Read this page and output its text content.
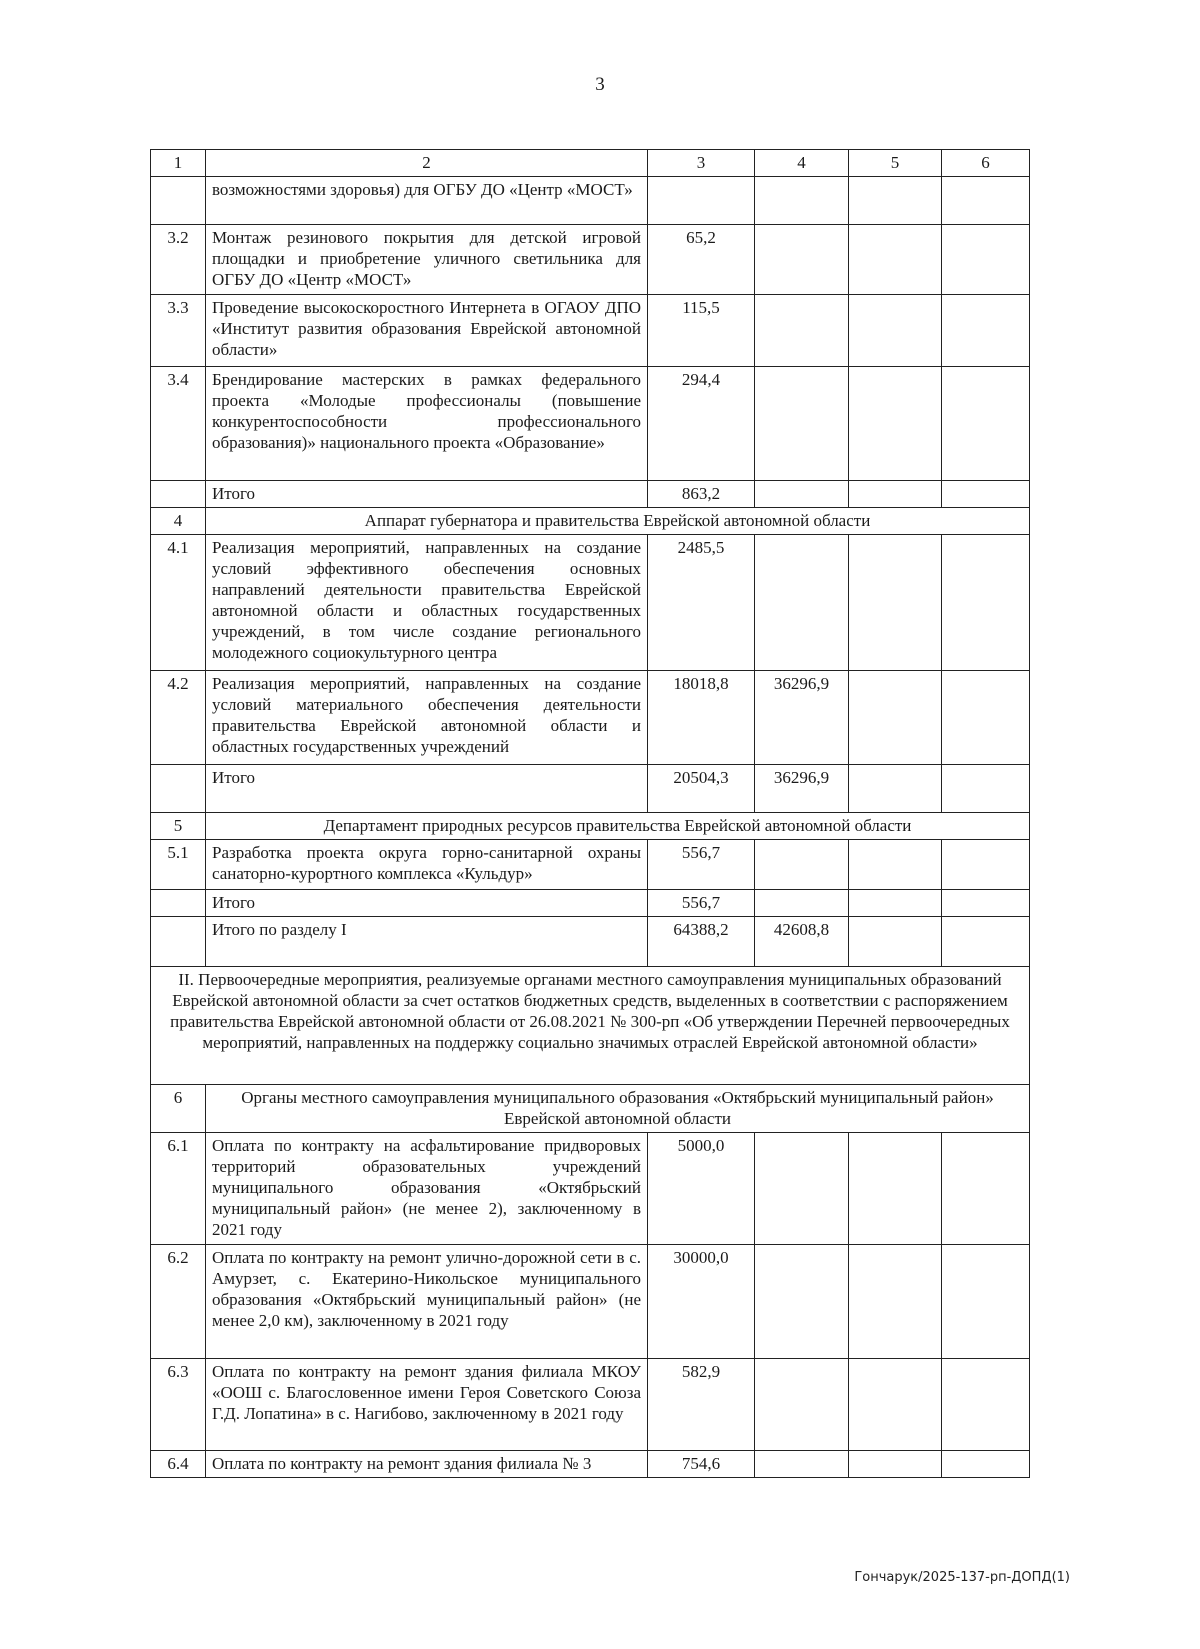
3
1	2	3	4	5	6
	возможностями здоровья) для ОГБУ ДО «Центр «МОСТ»				
3.2	Монтаж резинового покрытия для детской игровой площадки и приобретение уличного светильника для ОГБУ ДО «Центр «МОСТ»	65,2			
3.3	Проведение высокоскоростного Интернета в ОГАОУ ДПО «Институт развития образования Еврейской автономной области»	115,5			
3.4	Брендирование мастерских в рамках федерального проекта «Молодые профессионалы (повышение конкурентоспособности профессионального образования)» национального проекта «Образование»	294,4			
	Итого	863,2			
4	Аппарат губернатора и правительства Еврейской автономной области				
4.1	Реализация мероприятий, направленных на создание условий эффективного обеспечения основных направлений деятельности правительства Еврейской автономной области и областных государственных учреждений, в том числе создание регионального молодежного социокультурного центра	2485,5			
4.2	Реализация мероприятий, направленных на создание условий материального обеспечения деятельности правительства Еврейской автономной области и областных государственных учреждений	18018,8	36296,9		
	Итого	20504,3	36296,9		
5	Департамент природных ресурсов правительства Еврейской автономной области				
5.1	Разработка проекта округа горно-санитарной охраны санаторно-курортного комплекса «Кульдур»	556,7			
	Итого	556,7			
	Итого по разделу I	64388,2	42608,8		
II. Первоочередные мероприятия, реализуемые органами местного самоуправления муниципальных образований Еврейской автономной области за счет остатков бюджетных средств, выделенных в соответствии с распоряжением правительства Еврейской автономной области от 26.08.2021 № 300-рп «Об утверждении Перечней первоочередных мероприятий, направленных на поддержку социально значимых отраслей Еврейской автономной области»					
6	Органы местного самоуправления муниципального образования «Октябрьский муниципальный район» Еврейской автономной области				
6.1	Оплата по контракту на асфальтирование придворовых территорий образовательных учреждений муниципального образования «Октябрьский муниципальный район» (не менее 2), заключенному в 2021 году	5000,0			
6.2	Оплата по контракту на ремонт улично-дорожной сети в с. Амурзет, с. Екатерино-Никольское муниципального образования «Октябрьский муниципальный район» (не менее 2,0 км), заключенному в 2021 году	30000,0			
6.3	Оплата по контракту на ремонт здания филиала МКОУ «ООШ с. Благословенное имени Героя Советского Союза Г.Д. Лопатина» в с. Нагибово, заключенному в 2021 году	582,9			
6.4	Оплата по контракту на ремонт здания филиала № 3	754,6			
Гончарук/2025-137-рп-ДОПД(1)
